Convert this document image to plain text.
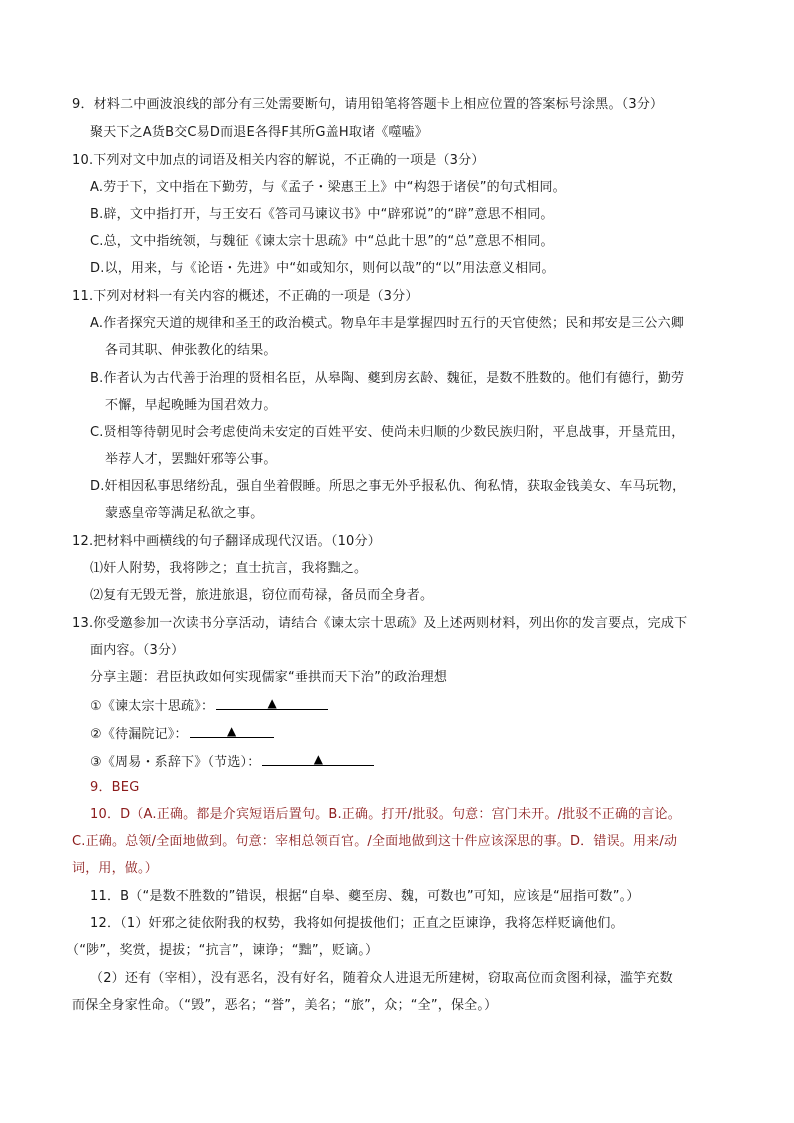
9．材料二中画波浪线的部分有三处需要断句，请用铅笔将答题卡上相应位置的答案标号涂黑。（3分）
聚天下之A货B交C易D而退E各得F其所G盖H取诸《噬嗑》
10.下列对文中加点的词语及相关内容的解说，不正确的一项是（3分）
A.劳于下，文中指在下勤劳，与《孟子・梁惠王上》中“构怨于诸侯”的句式相同。
B.辟，文中指打开，与王安石《答司马谏议书》中“辟邪说”的“辟”意思不相同。
C.总，文中指统领，与魏征《谏太宗十思疏》中“总此十思”的“总”意思不相同。
D.以，用来，与《论语・先进》中“如或知尔，则何以哉”的“以”用法意义相同。
11.下列对材料一有关内容的概述，不正确的一项是（3分）
A.作者探究天道的规律和圣王的政治模式。物阜年丰是掌握四时五行的天官使然；民和邦安是三公六卿
各司其职、伸张教化的结果。
B.作者认为古代善于治理的贤相名臣，从皋陶、夔到房玄龄、魏征，是数不胜数的。他们有德行，勤劳
不懈，早起晚睡为国君效力。
C.贤相等待朝见时会考虑使尚未安定的百姓平安、使尚未归顺的少数民族归附，平息战事，开垦荒田，
举荐人才，罢黜奸邪等公事。
D.奸相因私事思绪纷乱，强自坐着假睡。所思之事无外乎报私仇、徇私情，获取金钱美女、车马玩物，
蒙惑皇帝等满足私欲之事。
12.把材料中画横线的句子翻译成现代汉语。（10分）
⑴奸人附势，我将陟之；直士抗言，我将黜之。
⑵复有无毁无誉，旅进旅退，窃位而苟禄，备员而全身者。
13.你受邀参加一次读书分享活动，请结合《谏太宗十思疏》及上述两则材料，列出你的发言要点，完成下
面内容。（3分）
分享主题：君臣执政如何实现儒家“垂拱而天下治”的政治理想
①《谏太宗十思疏》：	▲
②《待漏院记》：	▲
③《周易・系辞下》（节选）：	▲
9．BEG
10．D（A.正确。都是介宾短语后置句。B.正确。打开/批驳。句意：宫门未开。/批驳不正确的言论。
C.正确。总领/全面地做到。句意：宰相总领百官。/全面地做到这十件应该深思的事。D．错误。用来/动
词，用，做。）
11．B（“是数不胜数的”错误，根据“自皋、夔至房、魏，可数也”可知，应该是“屈指可数”。）
12．（1）奸邪之徒依附我的权势，我将如何提拔他们；正直之臣谏诤，我将怎样贬谪他们。
（“陟”，奖赏，提拔；“抗言”，谏诤；“黜”，贬谪。）
（2）还有（宰相），没有恶名，没有好名，随着众人进退无所建树，窃取高位而贪图利禄，滥竽充数
而保全身家性命。（“毁”，恶名；“誉”，美名；“旅”，众；“全”，保全。）
